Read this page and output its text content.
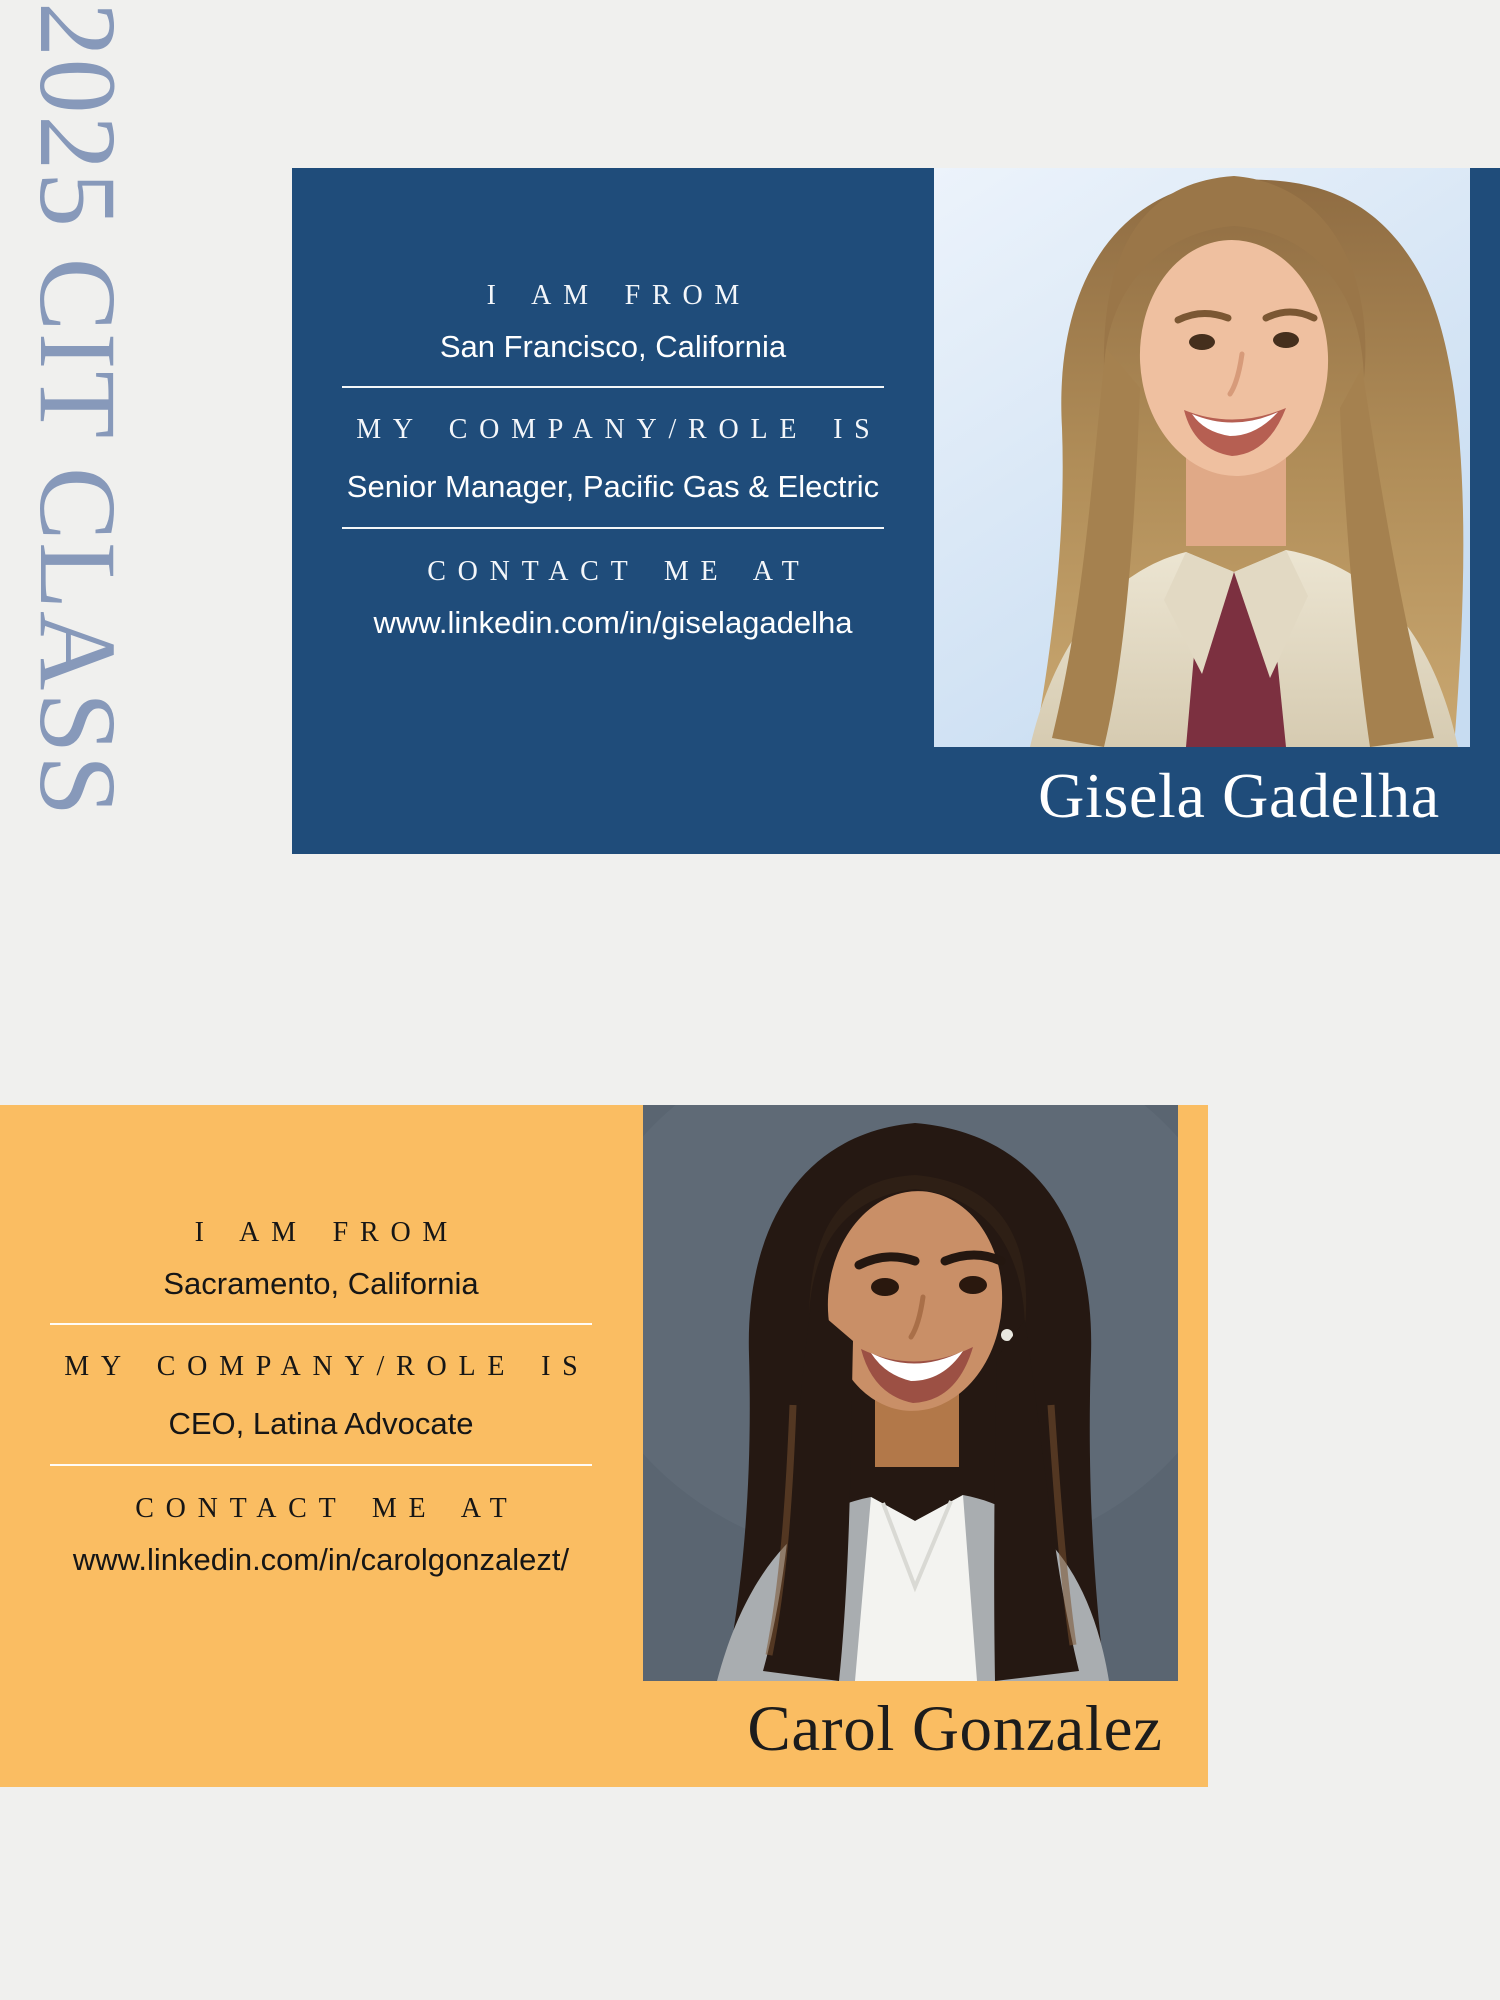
2025 CIT CLASS	I AM FROM
San Francisco, California
MY COMPANY/ROLE IS
Senior Manager, Pacific Gas & Electric
CONTACT ME AT
www.linkedin.com/in/giselagadelha
Gisela Gadelha
I AM FROM
Sacramento, California
MY COMPANY/ROLE IS
CEO, Latina Advocate
CONTACT ME AT
www.linkedin.com/in/carolgonzalezt/
Carol Gonzalez
